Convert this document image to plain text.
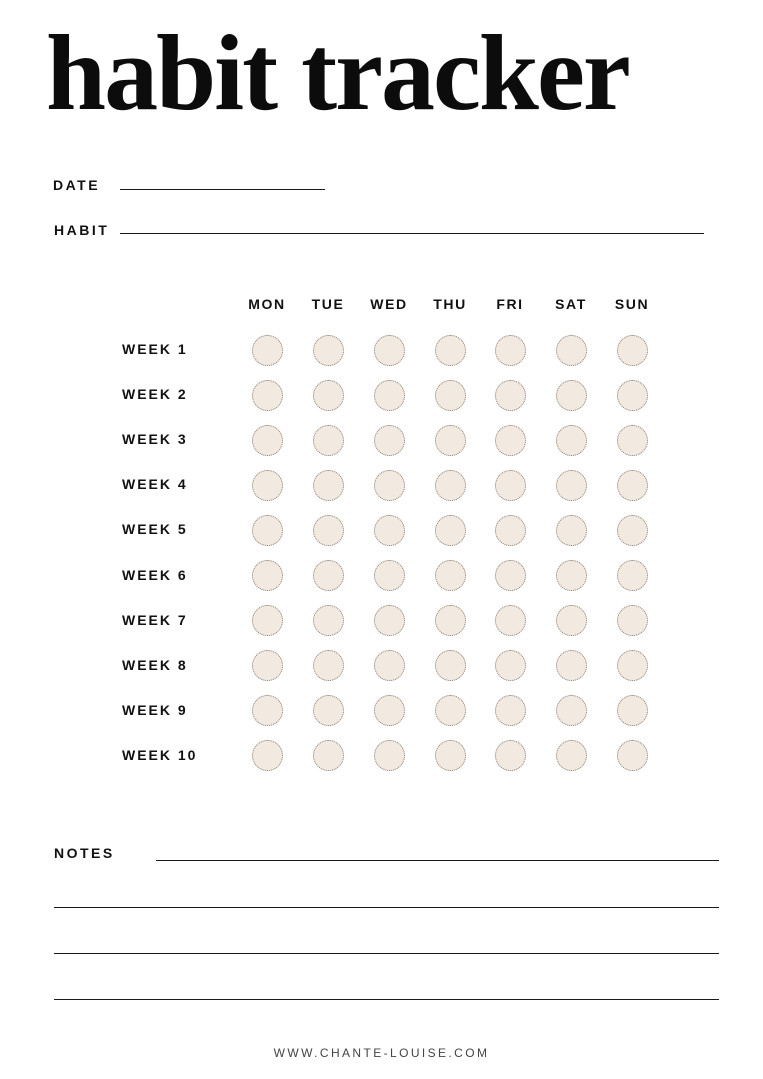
habit tracker
DATE
HABIT
MON	TUE	WED	THU	FRI	SAT	SUN
WEEK 1
WEEK 2
WEEK 3
WEEK 4
WEEK 5
WEEK 6
WEEK 7
WEEK 8
WEEK 9
WEEK 10
NOTES
WWW.CHANTE-LOUISE.COM
